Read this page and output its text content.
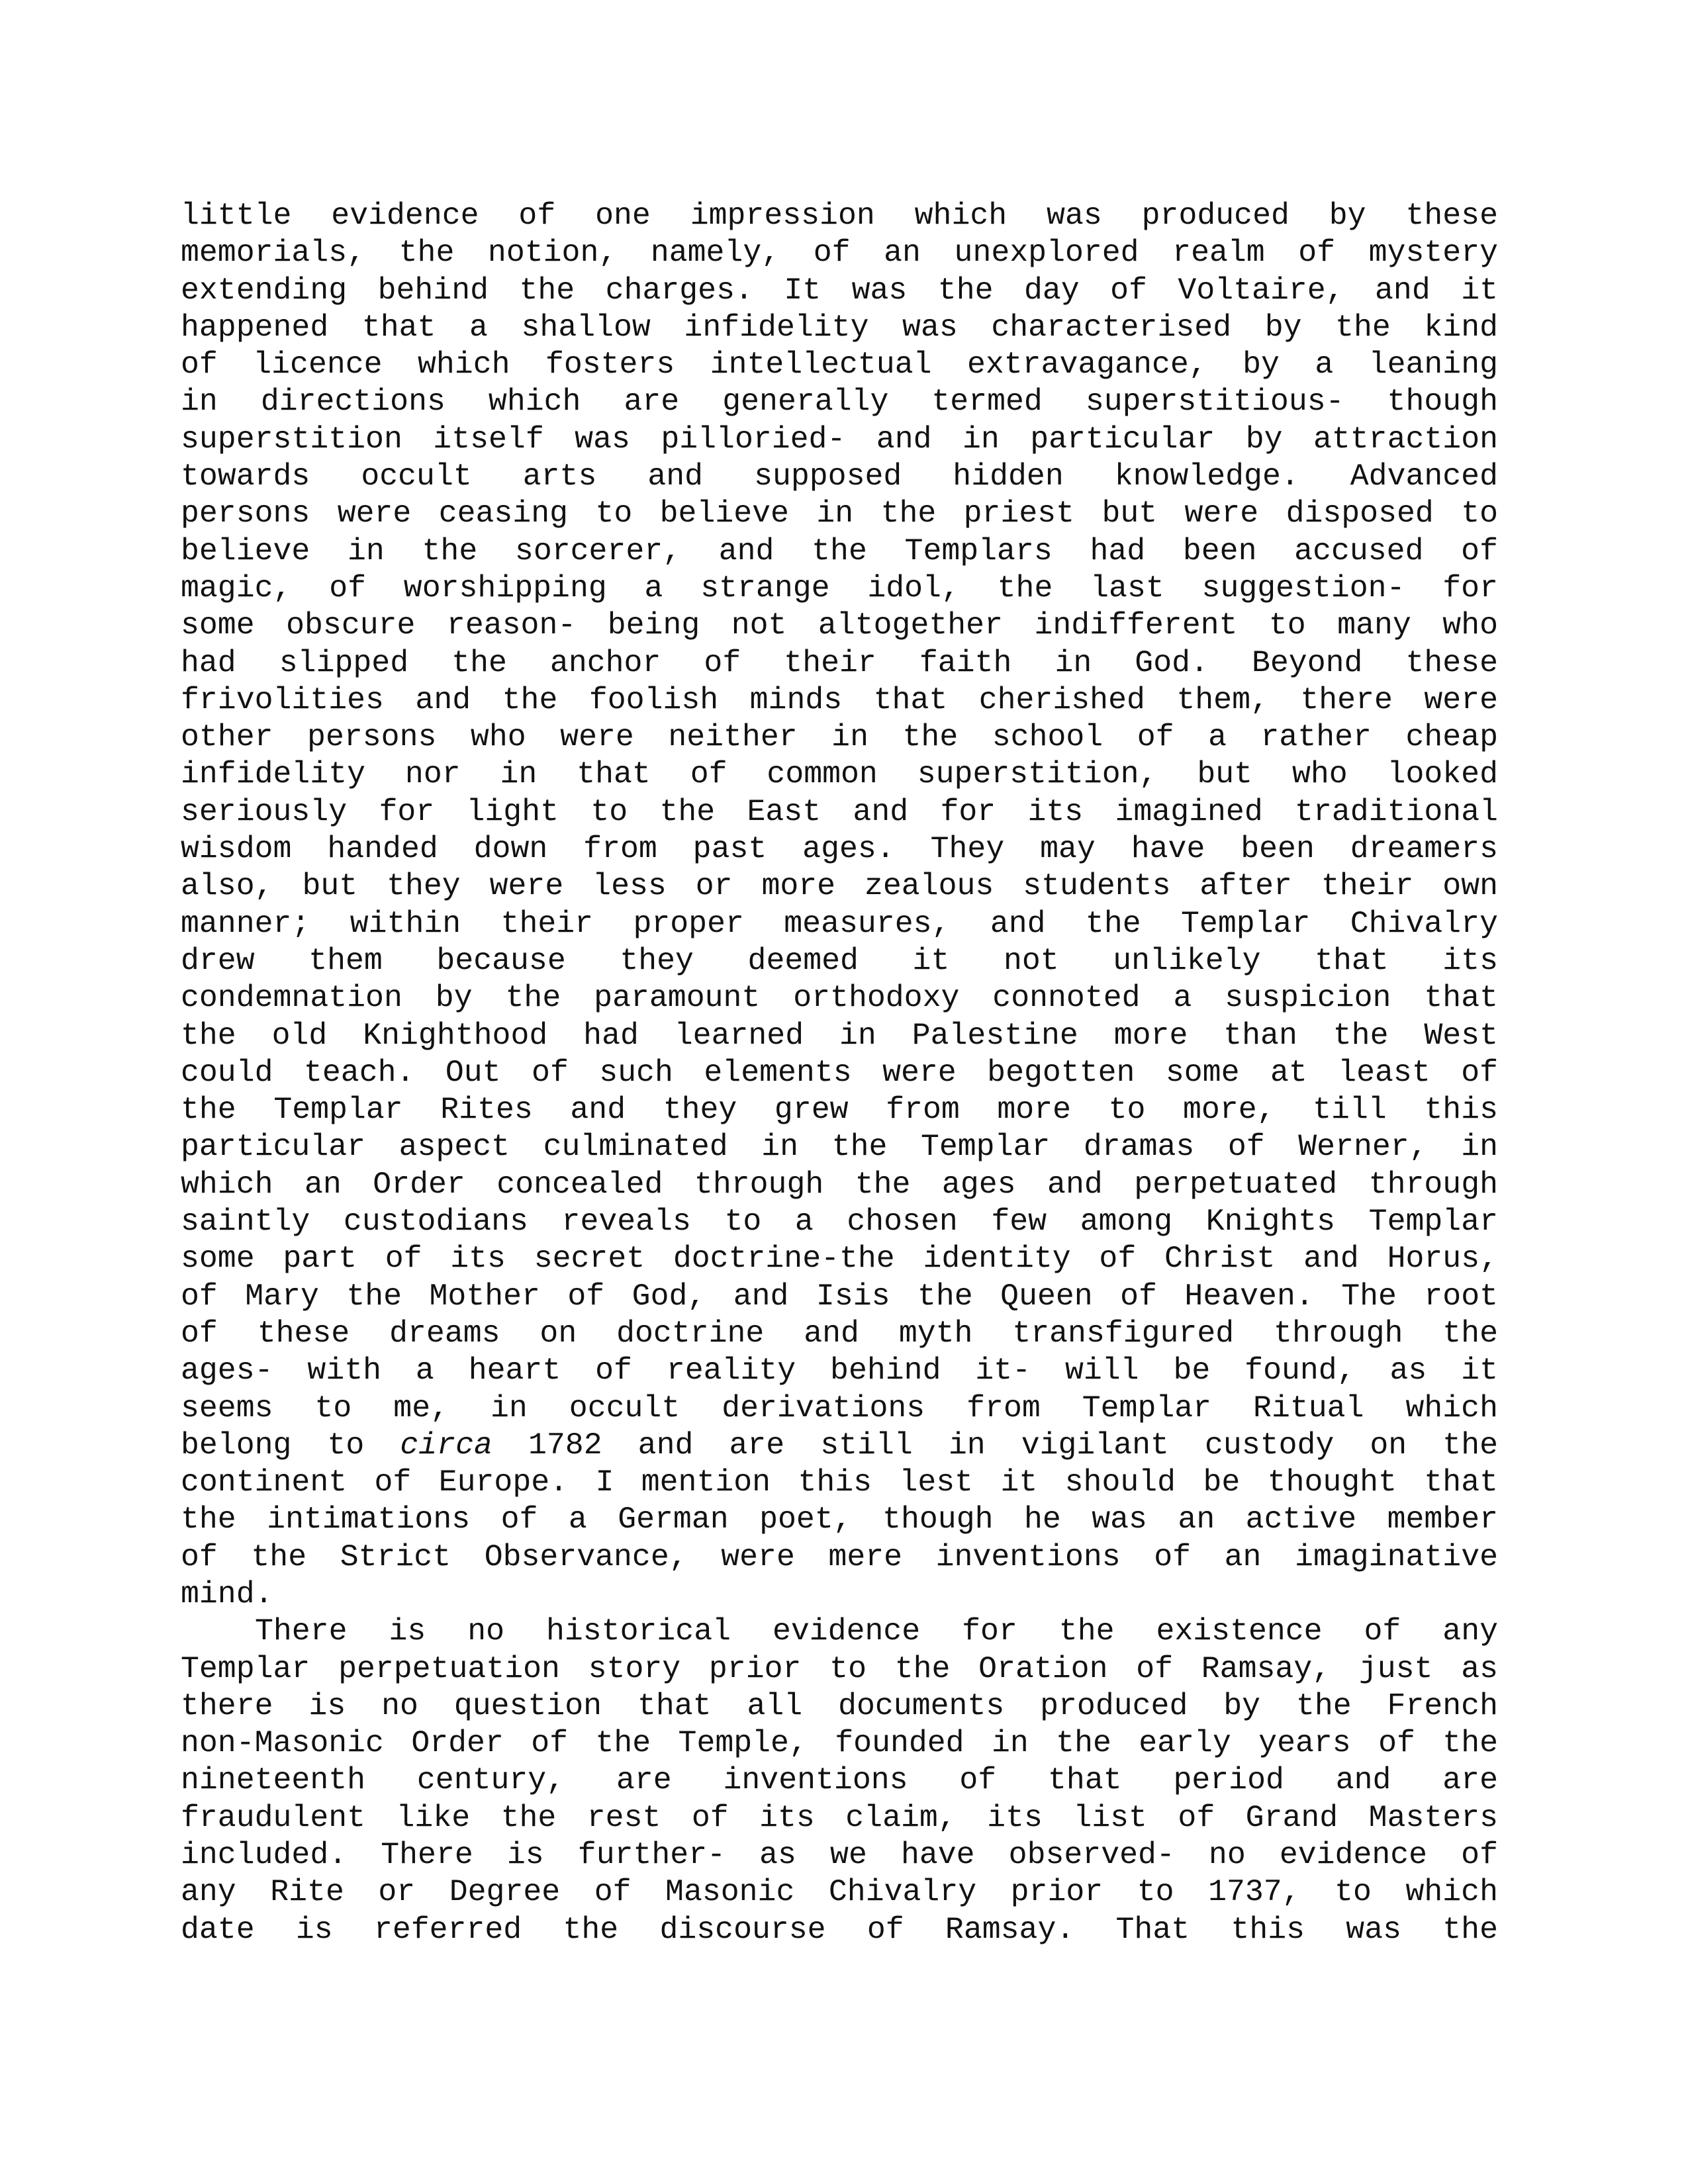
little evidence of one impression which was produced by these
memorials, the notion, namely, of an unexplored realm of mystery
extending behind the charges. It was the day of Voltaire, and it
happened that a shallow infidelity was characterised by the kind
of licence which fosters intellectual extravagance, by a leaning
in directions which are generally termed superstitious- though
superstition itself was pilloried- and in particular by attraction
towards occult arts and supposed hidden knowledge. Advanced
persons were ceasing to believe in the priest but were disposed to
believe in the sorcerer, and the Templars had been accused of
magic, of worshipping a strange idol, the last suggestion- for
some obscure reason- being not altogether indifferent to many who
had slipped the anchor of their faith in God. Beyond these
frivolities and the foolish minds that cherished them, there were
other persons who were neither in the school of a rather cheap
infidelity nor in that of common superstition, but who looked
seriously for light to the East and for its imagined traditional
wisdom handed down from past ages. They may have been dreamers
also, but they were less or more zealous students after their own
manner; within their proper measures, and the Templar Chivalry
drew them because they deemed it not unlikely that its
condemnation by the paramount orthodoxy connoted a suspicion that
the old Knighthood had learned in Palestine more than the West
could teach. Out of such elements were begotten some at least of
the Templar Rites and they grew from more to more, till this
particular aspect culminated in the Templar dramas of Werner, in
which an Order concealed through the ages and perpetuated through
saintly custodians reveals to a chosen few among Knights Templar
some part of its secret doctrine-the identity of Christ and Horus,
of Mary the Mother of God, and Isis the Queen of Heaven. The root
of these dreams on doctrine and myth transfigured through the
ages- with a heart of reality behind it- will be found, as it
seems to me, in occult derivations from Templar Ritual which
belong to circa 1782 and are still in vigilant custody on the
continent of Europe. I mention this lest it should be thought that
the intimations of a German poet, though he was an active member
of the Strict Observance, were mere inventions of an imaginative
mind.
There is no historical evidence for the existence of any
Templar perpetuation story prior to the Oration of Ramsay, just as
there is no question that all documents produced by the French
non-Masonic Order of the Temple, founded in the early years of the
nineteenth century, are inventions of that period and are
fraudulent like the rest of its claim, its list of Grand Masters
included. There is further- as we have observed- no evidence of
any Rite or Degree of Masonic Chivalry prior to 1737, to which
date is referred the discourse of Ramsay. That this was the
